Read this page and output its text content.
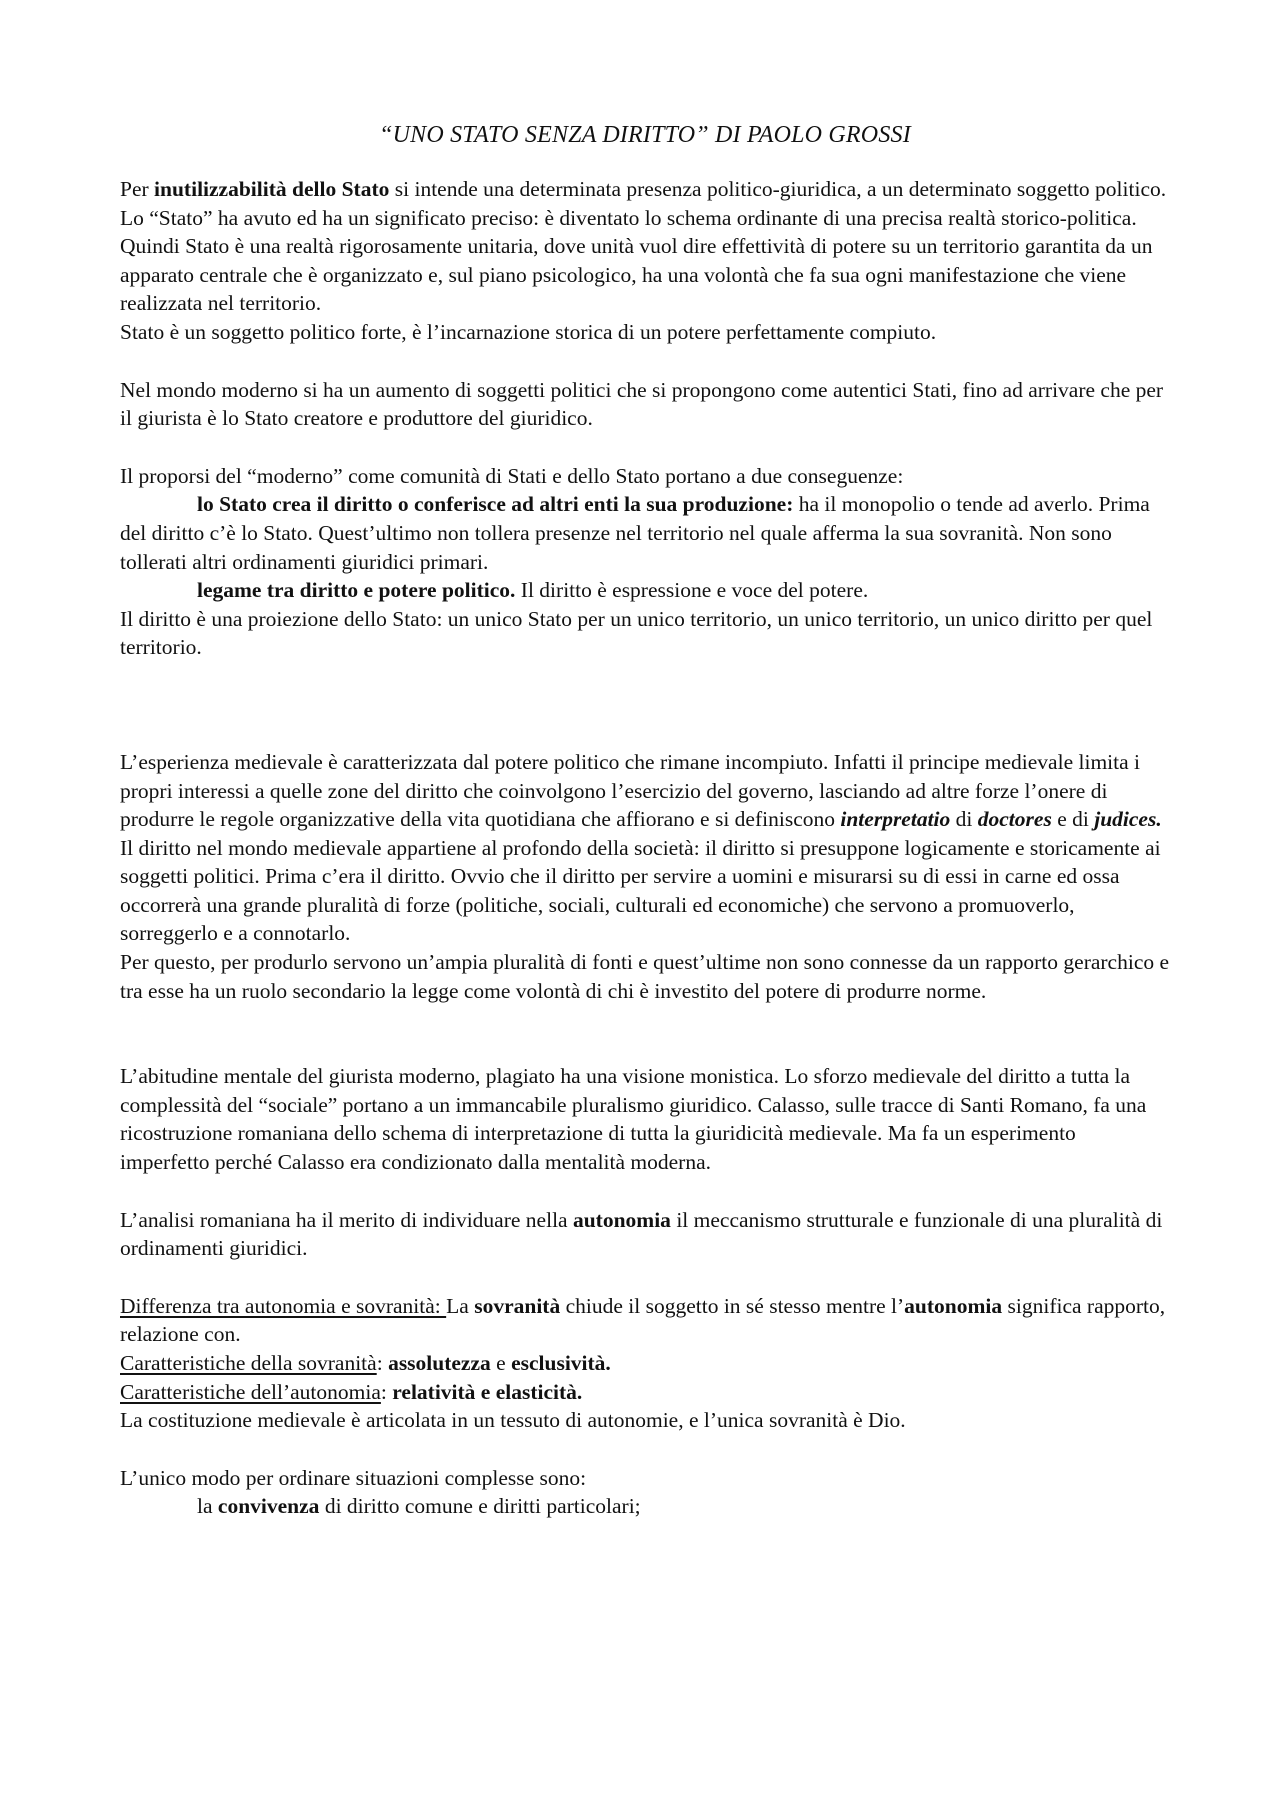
“UNO STATO SENZA DIRITTO” DI PAOLO GROSSI

Per inutilizzabilità dello Stato si intende una determinata presenza politico-giuridica, a un determinato soggetto politico.

Lo “Stato” ha avuto ed ha un significato preciso: è diventato lo schema ordinante di una precisa realtà storico-politica.

Quindi Stato è una realtà rigorosamente unitaria, dove unità vuol dire effettività di potere su un territorio garantita da un apparato centrale che è organizzato e, sul piano psicologico, ha una volontà che fa sua ogni manifestazione che viene realizzata nel territorio.

Stato è un soggetto politico forte, è l’incarnazione storica di un potere perfettamente compiuto.

Nel mondo moderno si ha un aumento di soggetti politici che si propongono come autentici Stati, fino ad arrivare che per il giurista è lo Stato creatore e produttore del giuridico.

Il proporsi del “moderno” come comunità di Stati e dello Stato portano a due conseguenze:

lo Stato crea il diritto o conferisce ad altri enti la sua produzione: ha il monopolio o tende ad averlo. Prima del diritto c’è lo Stato. Quest’ultimo non tollera presenze nel territorio nel quale afferma la sua sovranità. Non sono tollerati altri ordinamenti giuridici primari.

legame tra diritto e potere politico. Il diritto è espressione e voce del potere.

Il diritto è una proiezione dello Stato: un unico Stato per un unico territorio, un unico territorio, un unico diritto per quel territorio.

L’esperienza medievale è caratterizzata dal potere politico che rimane incompiuto. Infatti il principe medievale limita i propri interessi a quelle zone del diritto che coinvolgono l’esercizio del governo, lasciando ad altre forze l’onere di produrre le regole organizzative della vita quotidiana che affiorano e si definiscono interpretatio di doctores e di judices.

Il diritto nel mondo medievale appartiene al profondo della società: il diritto si presuppone logicamente e storicamente ai soggetti politici. Prima c’era il diritto. Ovvio che il diritto per servire a uomini e misurarsi su di essi in carne ed ossa occorrerà una grande pluralità di forze (politiche, sociali, culturali ed economiche) che servono a promuoverlo, sorreggerlo e a connotarlo.

Per questo, per produrlo servono un’ampia pluralità di fonti e quest’ultime non sono connesse da un rapporto gerarchico e tra esse ha un ruolo secondario la legge come volontà di chi è investito del potere di produrre norme.

L’abitudine mentale del giurista moderno, plagiato ha una visione monistica. Lo sforzo medievale del diritto a tutta la complessità del “sociale” portano a un immancabile pluralismo giuridico. Calasso, sulle tracce di Santi Romano, fa una ricostruzione romaniana dello schema di interpretazione di tutta la giuridicità medievale. Ma fa un esperimento imperfetto perché Calasso era condizionato dalla mentalità moderna.

L’analisi romaniana ha il merito di individuare nella autonomia il meccanismo strutturale e funzionale di una pluralità di ordinamenti giuridici.

Differenza tra autonomia e sovranità: La sovranità chiude il soggetto in sé stesso mentre l’autonomia significa rapporto, relazione con.

Caratteristiche della sovranità: assolutezza e esclusività.

Caratteristiche dell’autonomia: relatività e elasticità.

La costituzione medievale è articolata in un tessuto di autonomie, e l’unica sovranità è Dio.

L’unico modo per ordinare situazioni complesse sono:

la convivenza di diritto comune e diritti particolari;
